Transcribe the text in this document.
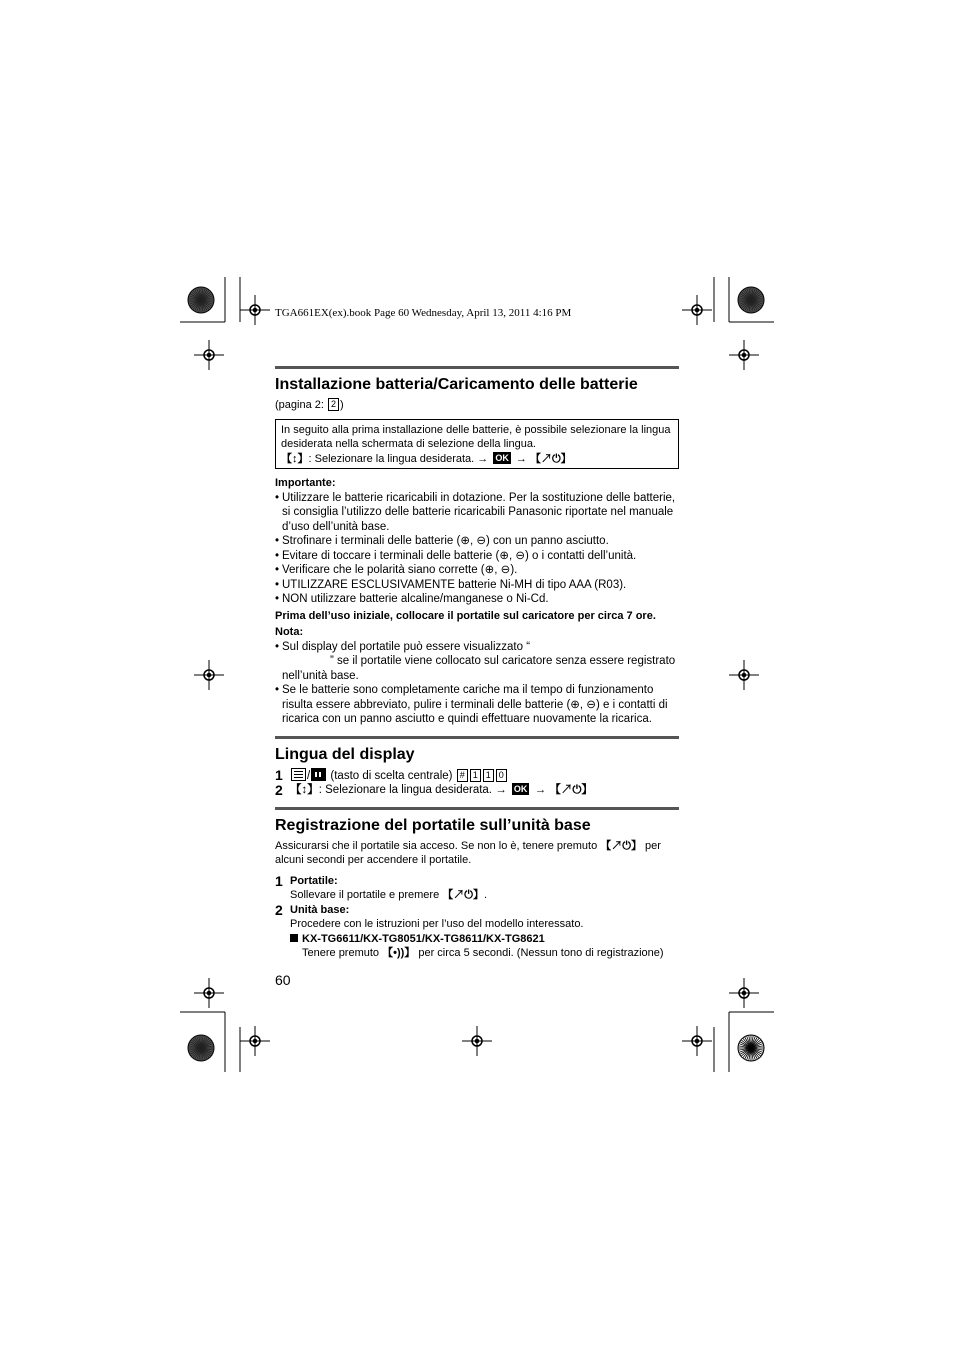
TGA661EX(ex).book Page 60 Wednesday, April 13, 2011 4:16 PM
Installazione batteria/Caricamento delle batterie
(pagina 2: 2 )
In seguito alla prima installazione delle batterie, è possibile selezionare la lingua desiderata nella schermata di selezione della lingua.
【↕】: Selezionare la lingua desiderata. → OK → 【↗⏻】
Importante:
• Utilizzare le batterie ricaricabili in dotazione. Per la sostituzione delle batterie, si consiglia l’utilizzo delle batterie ricaricabili Panasonic riportate nel manuale d’uso dell’unità base.
• Strofinare i terminali delle batterie (⊕, ⊖) con un panno asciutto.
• Evitare di toccare i terminali delle batterie (⊕, ⊖) o i contatti dell’unità.
• Verificare che le polarità siano corrette (⊕, ⊖).
• UTILIZZARE ESCLUSIVAMENTE batterie Ni-MH di tipo AAA (R03).
• NON utilizzare batterie alcaline/manganese o Ni-Cd.
Prima dell’uso iniziale, collocare il portatile sul caricatore per circa 7 ore.
Nota:
• Sul display del portatile può essere visualizzato “
” se il portatile viene collocato sul caricatore senza essere registrato nell’unità base.
• Se le batterie sono completamente cariche ma il tempo di funzionamento risulta essere abbreviato, pulire i terminali delle batterie (⊕, ⊖) e i contatti di ricarica con un panno asciutto e quindi effettuare nuovamente la ricarica.
Lingua del display
1 / (tasto di scelta centrale) # 1 1 0
2 【↕】: Selezionare la lingua desiderata. → OK → 【↗⏻】
Registrazione del portatile sull’unità base
Assicurarsi che il portatile sia acceso. Se non lo è, tenere premuto 【↗⏻】 per alcuni secondi per accendere il portatile.
1 Portatile:
Sollevare il portatile e premere 【↗⏻】.
2 Unità base:
Procedere con le istruzioni per l’uso del modello interessato.
KX-TG6611/KX-TG8051/KX-TG8611/KX-TG8621
Tenere premuto 【•))】 per circa 5 secondi. (Nessun tono di registrazione)
60
